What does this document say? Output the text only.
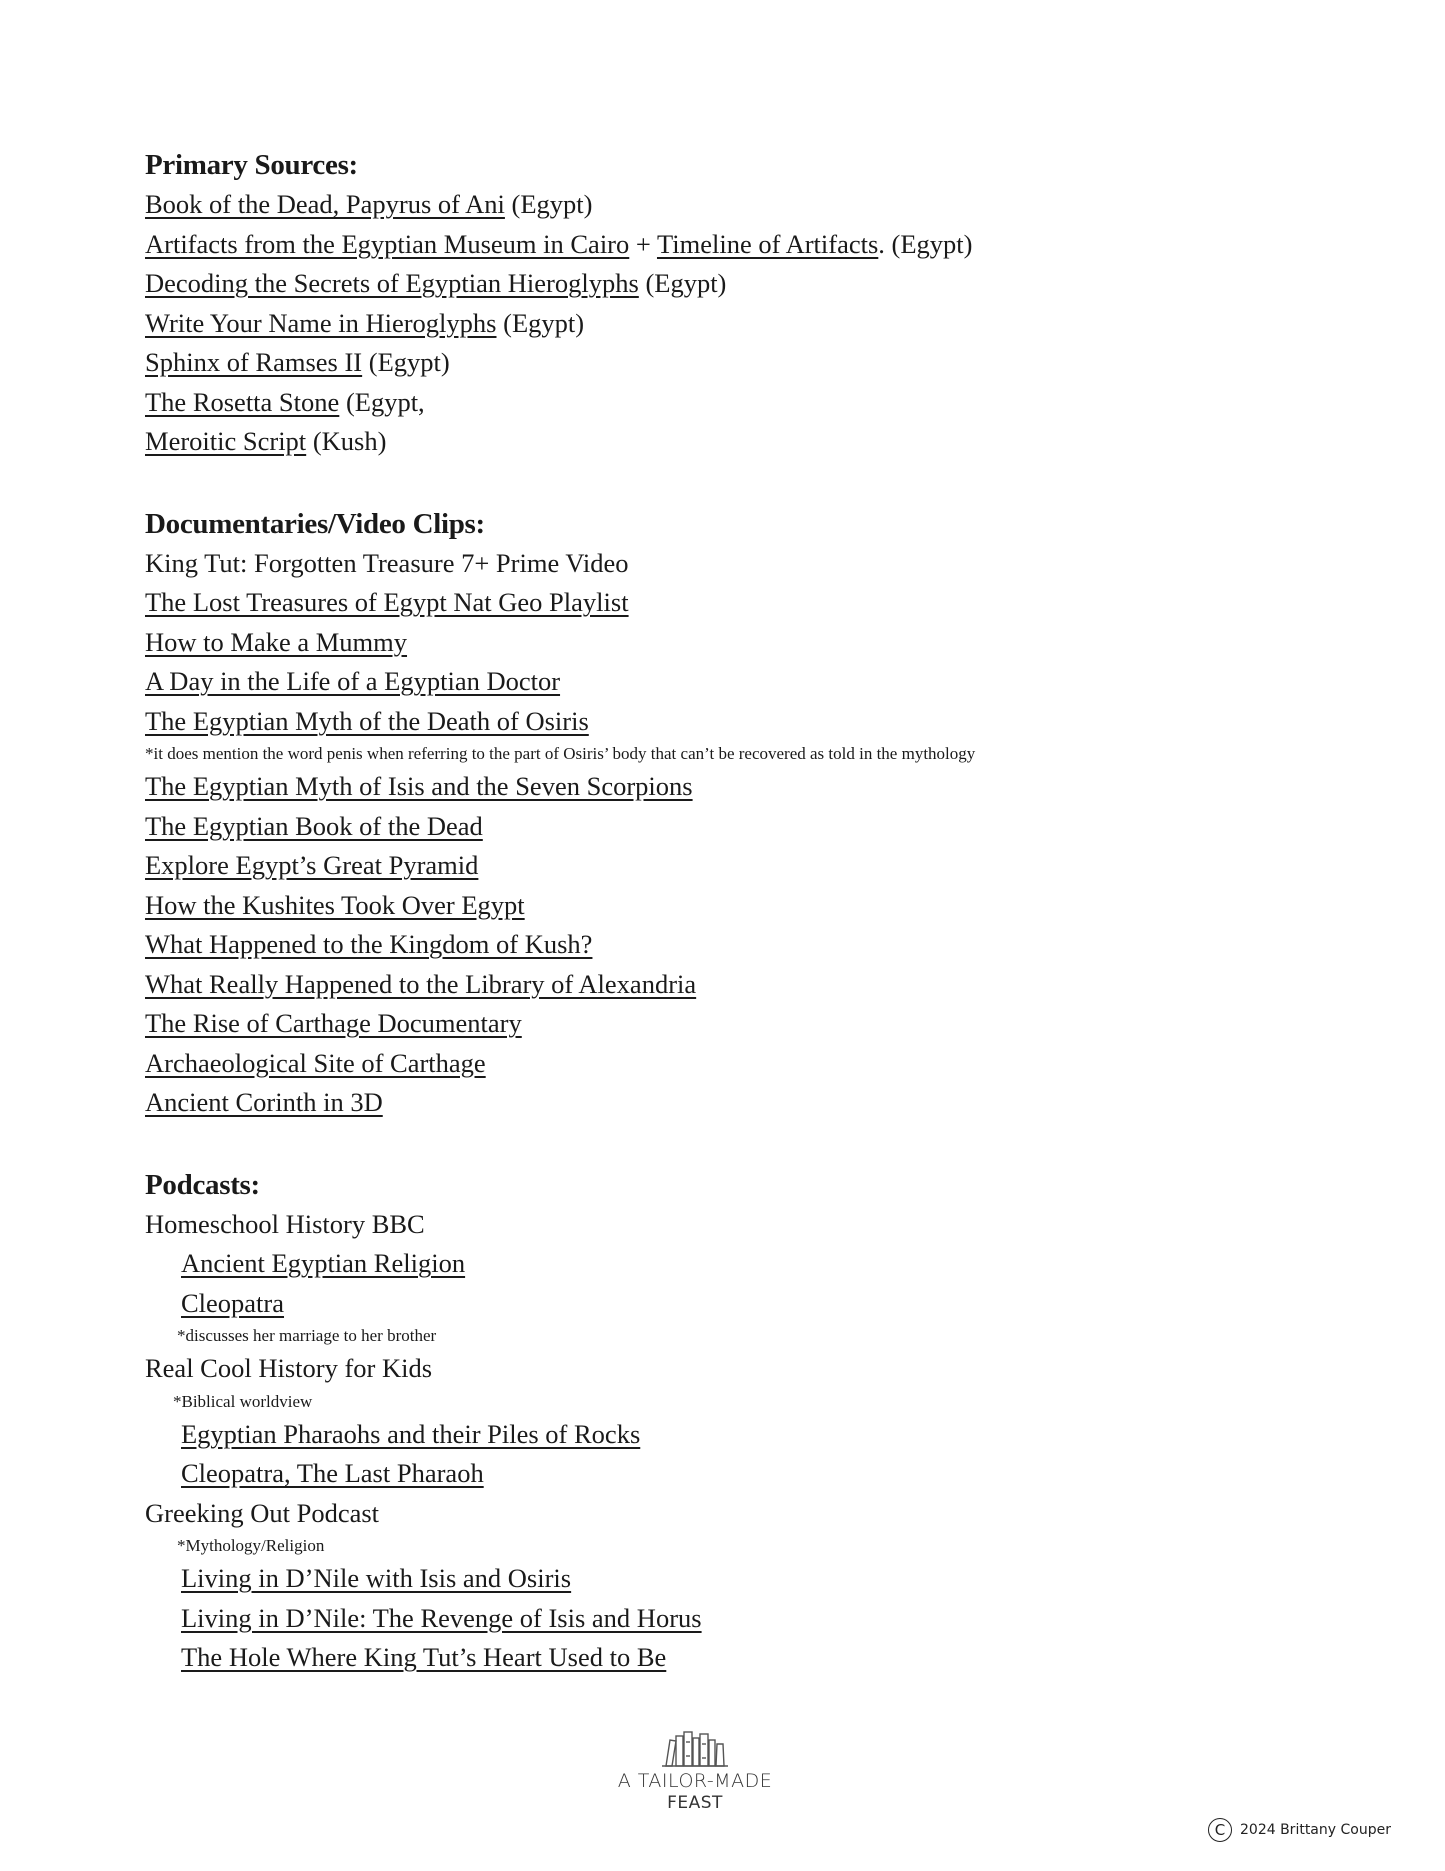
Primary Sources:
Book of the Dead, Papyrus of Ani (Egypt)
Artifacts from the Egyptian Museum in Cairo + Timeline of Artifacts. (Egypt)
Decoding the Secrets of Egyptian Hieroglyphs (Egypt)
Write Your Name in Hieroglyphs (Egypt)
Sphinx of Ramses II (Egypt)
The Rosetta Stone (Egypt,
Meroitic Script (Kush)
Documentaries/Video Clips:
King Tut: Forgotten Treasure 7+ Prime Video
The Lost Treasures of Egypt Nat Geo Playlist
How to Make a Mummy
A Day in the Life of a Egyptian Doctor
The Egyptian Myth of the Death of Osiris
*it does mention the word penis when referring to the part of Osiris’ body that can’t be recovered as told in the mythology
The Egyptian Myth of Isis and the Seven Scorpions
The Egyptian Book of the Dead
Explore Egypt’s Great Pyramid
How the Kushites Took Over Egypt
What Happened to the Kingdom of Kush?
What Really Happened to the Library of Alexandria
The Rise of Carthage Documentary
Archaeological Site of Carthage
Ancient Corinth in 3D
Podcasts:
Homeschool History BBC
Ancient Egyptian Religion
Cleopatra
*discusses her marriage to her brother
Real Cool History for Kids
*Biblical worldview
Egyptian Pharaohs and their Piles of Rocks
Cleopatra, The Last Pharaoh
Greeking Out Podcast
*Mythology/Religion
Living in D’Nile with Isis and Osiris
Living in D’Nile: The Revenge of Isis and Horus
The Hole Where King Tut’s Heart Used to Be
A TAILOR-MADE
FEAST
C	2024 Brittany Couper
